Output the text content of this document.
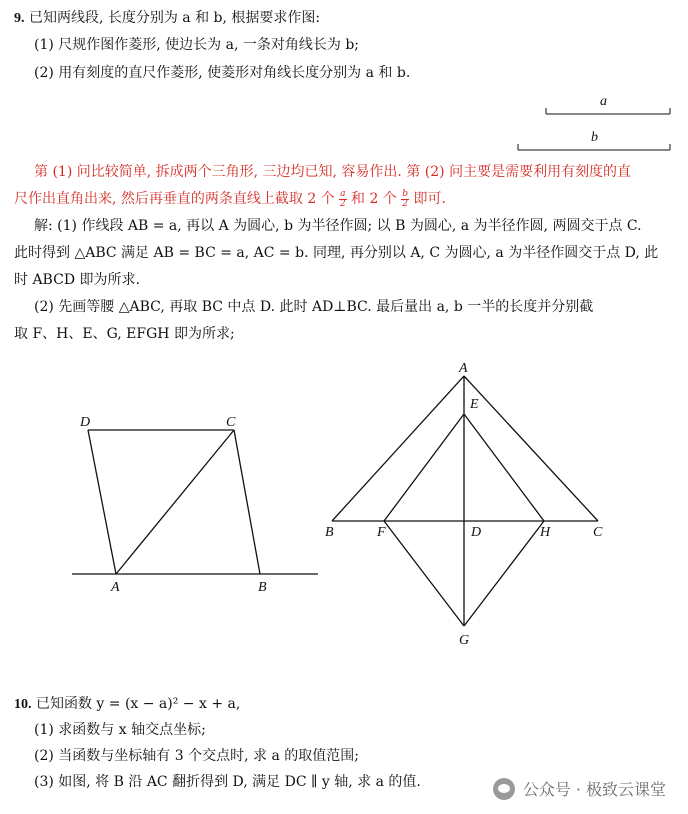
9. 已知两线段, 长度分别为 a 和 b, 根据要求作图:
(1) 尺规作图作菱形, 使边长为 a, 一条对角线长为 b;
(2) 用有刻度的直尺作菱形, 使菱形对角线长度分别为 a 和 b.
a
b
第 (1) 问比较简单, 拆成两个三角形, 三边均已知, 容易作出. 第 (2) 问主要是需要利用有刻度的直
尺作出直角出来, 然后再垂直的两条直线上截取 2 个 $\frac{a}{2}$ 和 2 个 $\frac{b}{2}$ 即可.
解: (1) 作线段 AB = a, 再以 A 为圆心, b 为半径作圆; 以 B 为圆心, a 为半径作圆, 两圆交于点 C.
此时得到 △ABC 满足 AB = BC = a, AC = b. 同理, 再分别以 A, C 为圆心, a 为半径作圆交于点 D, 此
时 ABCD 即为所求.
(2) 先画等腰 △ABC, 再取 BC 中点 D. 此时 AD⊥BC. 最后量出 a, b 一半的长度并分别截
取 F、H、E、G, EFGH 即为所求;
D	C
A	B
A
E
B	F	D	H	C
G
10. 已知函数 y = (x − a)² − x + a,
(1) 求函数与 x 轴交点坐标;
(2) 当函数与坐标轴有 3 个交点时, 求 a 的取值范围;
(3) 如图, 将 B 沿 AC 翻折得到 D, 满足 DC ∥ y 轴, 求 a 的值.	公众号 · 极致云课堂
